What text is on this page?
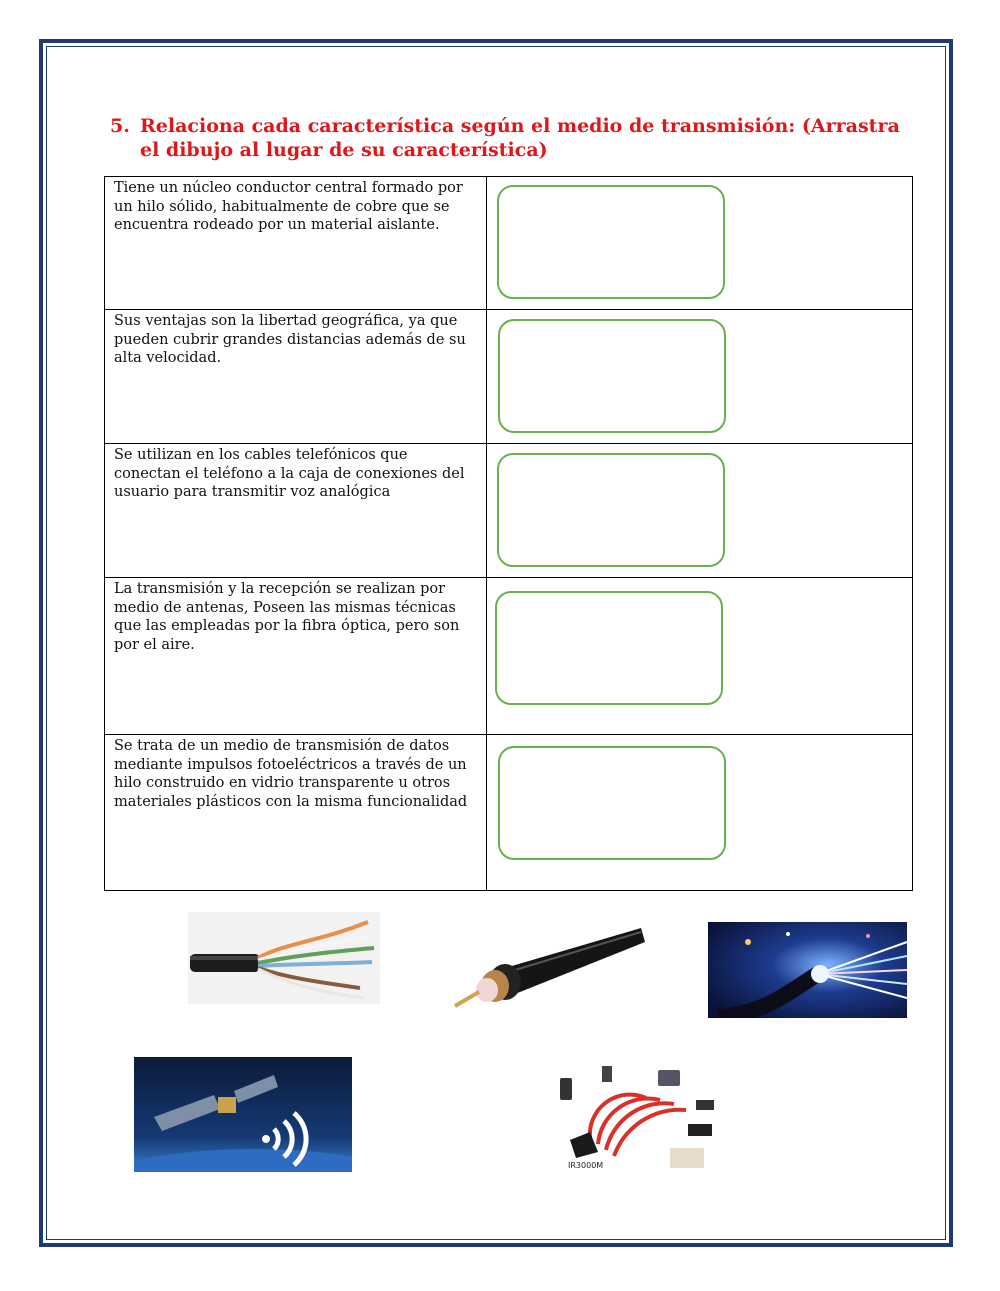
5. Relaciona cada característica según el medio de transmisión: (Arrastra el dibujo al lugar de su característica)
Tiene un núcleo conductor central formado por un hilo sólido, habitualmente de cobre que se encuentra rodeado por un material aislante.	

Sus ventajas son la libertad geográfica, ya que pueden cubrir grandes distancias además de su alta velocidad.	

Se utilizan en los cables telefónicos que conectan el teléfono a la caja de conexiones del usuario para transmitir voz analógica	

La transmisión y la recepción se realizan por medio de antenas, Poseen las mismas técnicas que las empleadas por la fibra óptica, pero son por el aire.	

Se trata de un medio de transmisión de datos mediante impulsos fotoeléctricos a través de un hilo construido en vidrio transparente u otros materiales plásticos con la misma funcionalidad	
IR3000M
